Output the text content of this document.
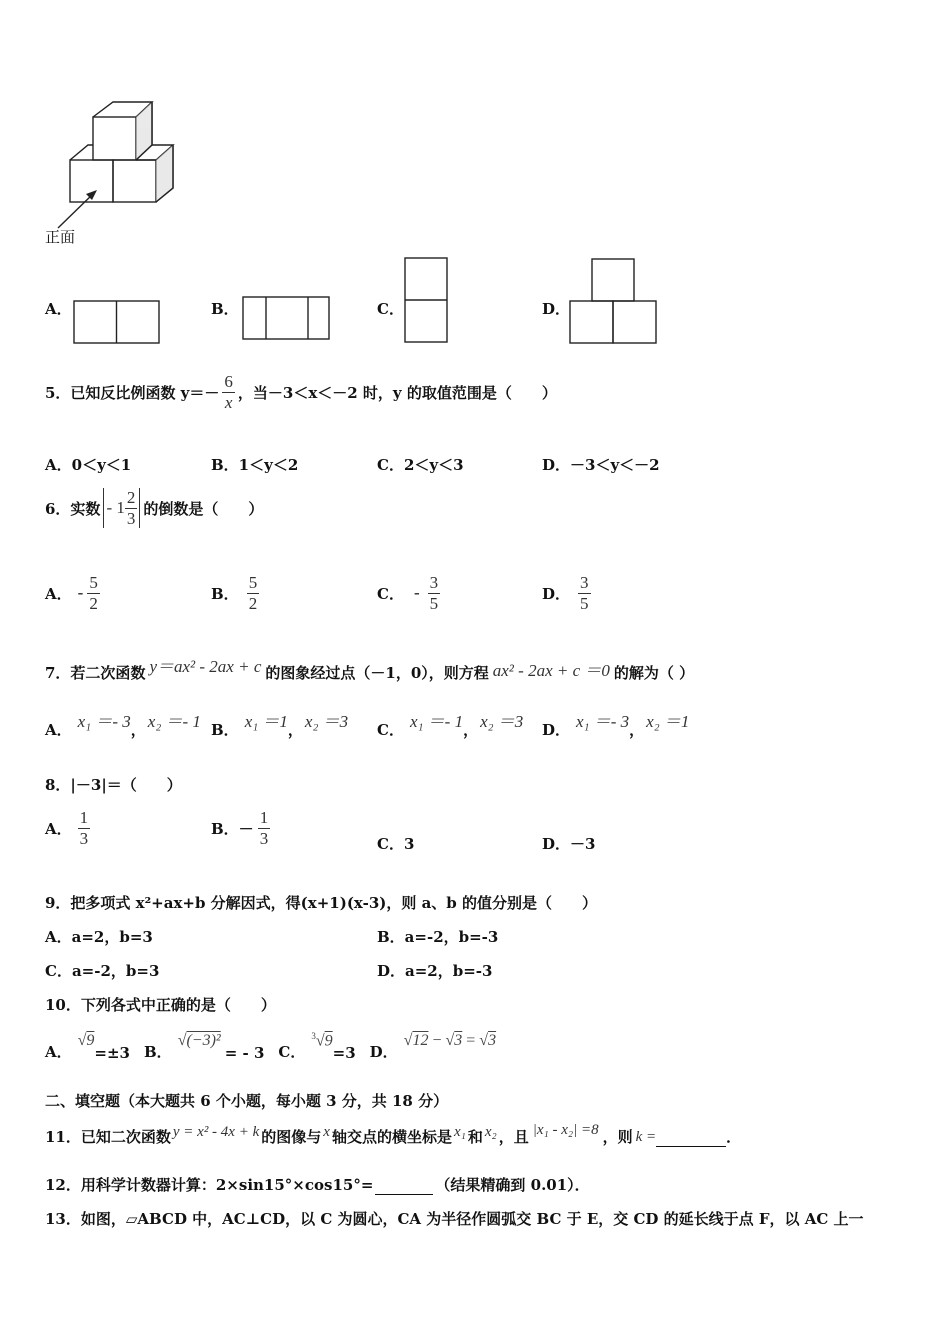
正面
A．	B．	C．	D．
5．已知反比例函数 $y=- \frac{6}{x}$ ，当－3＜x＜－2 时，y 的取值范围是（　　）
A．0＜y＜1	B．1＜y＜2	C．2＜y＜3	D．－3＜y＜－2
6．实数 - $1 \frac{2}{3}$ 的倒数是（　　）
A． - $\frac{5}{2}$	B． $\frac{5}{2}$	C． - $\frac{3}{5}$	D． $\frac{3}{5}$
7．若二次函数 y＝ax² - 2ax + c 的图象经过点（－1，0），则方程 ax² - 2ax + c ＝0 的解为（ ）
A． x₁ ＝- 3 ， x₂ ＝- 1 B． x₁ ＝1 ， x₂ ＝3 C． x₁ ＝- 1 ， x₂ ＝3 D． x₁ ＝- 3 ， x₂ ＝1
8．|－3|＝（　　）
A． $\frac{1}{3}$	B．－ $\frac{1}{3}$	C．3	D．－3
9．把多项式 x²+ax+b 分解因式，得(x+1)(x-3)，则 a、b 的值分别是（　　）
A．a=2，b=3	B．a=-2，b=-3
C．a=-2，b=3	D．a=2，b=-3
10．下列各式中正确的是（　　）
A．
√9
=±3 B．
√(−3)²
= - 3 C．
$^3$√9
=3 D．
√12 − √3 = √3
二、填空题（本大题共 6 个小题，每小题 3 分，共 18 分）
11．已知二次函数 y = x² - 4x + k 的图像与 x 轴交点的横坐标是 x₁ 和 x₂ ，且 |x₁ - x₂| =8 ，则 k =	．
12．用科学计数器计算：2×sin15°×cos15°=	（结果精确到 0.01）．
13．如图，▱ABCD 中，AC⊥CD，以 C 为圆心，CA 为半径作圆弧交 BC 于 E，交 CD 的延长线于点 F，以 AC 上一
